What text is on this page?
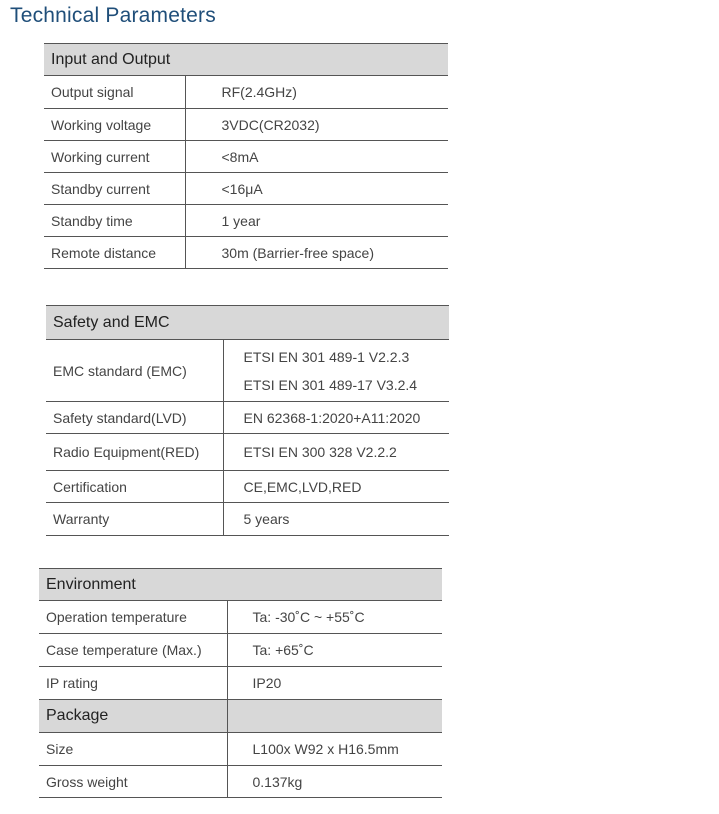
Technical Parameters
Input and Output	
Output signal	RF(2.4GHz)
Working voltage	3VDC(CR2032)
Working current	<8mA
Standby current	<16μA
Standby time	1 year
Remote distance	30m (Barrier-free space)
Safety and EMC	
EMC standard (EMC)	ETSI EN 301 489-1 V2.2.3
ETSI EN 301 489-17 V3.2.4

Safety standard(LVD)	EN 62368-1:2020+A11:2020
Radio Equipment(RED)	ETSI EN 300 328 V2.2.2
Certification	CE,EMC,LVD,RED
Warranty	5 years
Environment	
Operation temperature	Ta: -30˚C ~ +55˚C
Case temperature (Max.)	Ta: +65˚C
IP rating	IP20
Package	
Size	L100x W92 x H16.5mm
Gross weight	0.137kg
